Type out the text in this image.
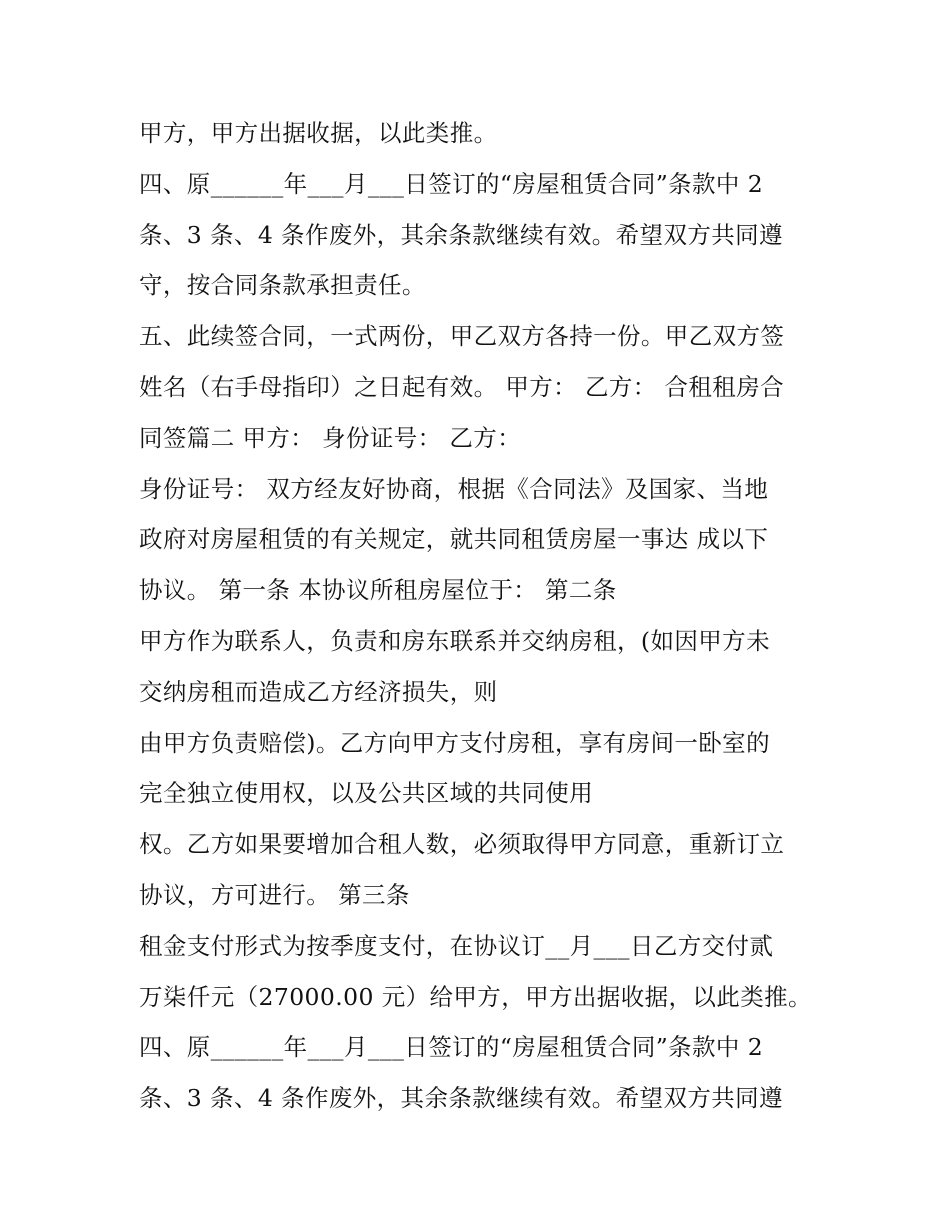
甲方，甲方出据收据，以此类推。
四、原______年___月___日签订的“房屋租赁合同”条款中 2
条、3 条、4 条作废外，其余条款继续有效。希望双方共同遵
守，按合同条款承担责任。
五、此续签合同，一式两份，甲乙双方各持一份。甲乙双方签
姓名（右手母指印）之日起有效。 甲方： 乙方： 合租租房合
同签篇二 甲方： 身份证号： 乙方：
身份证号： 双方经友好协商，根据《合同法》及国家、当地
政府对房屋租赁的有关规定，就共同租赁房屋一事达 成以下
协议。 第一条 本协议所租房屋位于： 第二条
甲方作为联系人，负责和房东联系并交纳房租，(如因甲方未
交纳房租而造成乙方经济损失，则
由甲方负责赔偿)。乙方向甲方支付房租，享有房间一卧室的
完全独立使用权，以及公共区域的共同使用
权。乙方如果要增加合租人数，必须取得甲方同意，重新订立
协议，方可进行。 第三条
租金支付形式为按季度支付，在协议订__月___日乙方交付贰
万柒仟元（27000.00 元）给甲方，甲方出据收据，以此类推。
四、原______年___月___日签订的“房屋租赁合同”条款中 2
条、3 条、4 条作废外，其余条款继续有效。希望双方共同遵
